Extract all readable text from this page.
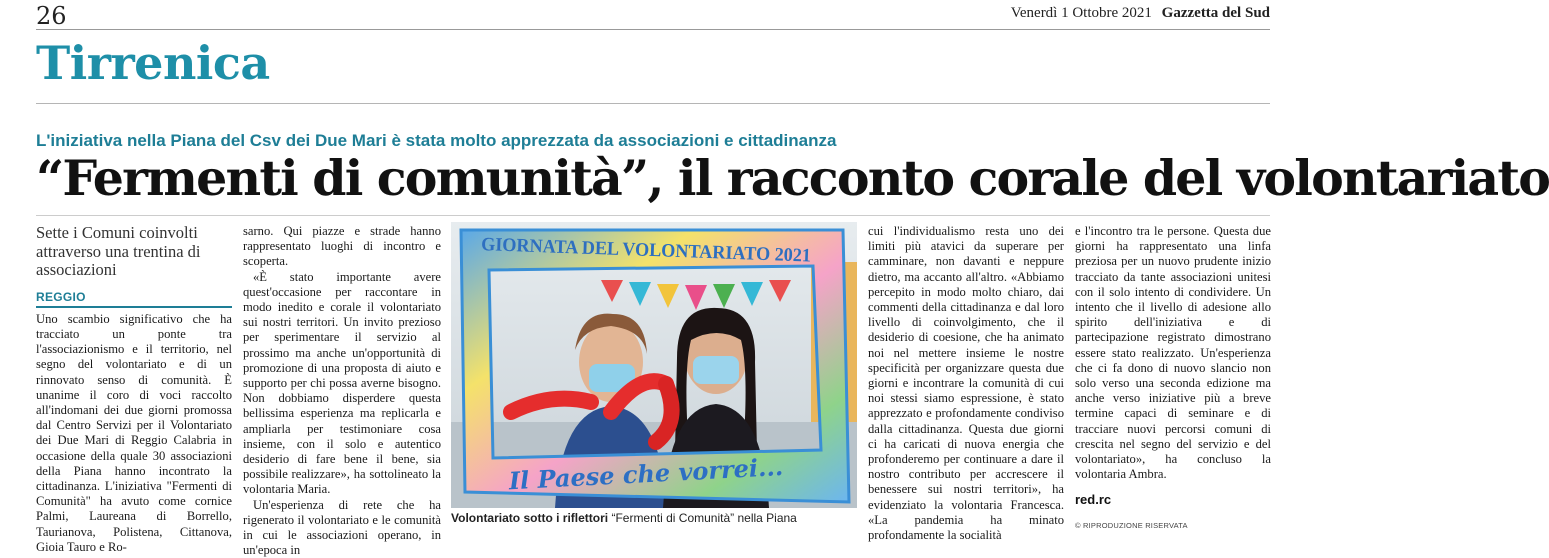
26	Venerdì 1 Ottobre 2021 Gazzetta del Sud
Tirrenica
L'iniziativa nella Piana del Csv dei Due Mari è stata molto apprezzata da associazioni e cittadinanza
“Fermenti di comunità”, il racconto corale del volontariato
Sette i Comuni coinvolti attraverso una trentina di associazioni
REGGIO

Uno scambio significativo che ha tracciato un ponte tra l'associazionismo e il territorio, nel segno del volontariato e di un rinnovato senso di comunità. È unanime il coro di voci raccolto all'indomani dei due giorni promossa dal Centro Servizi per il Volontariato dei Due Mari di Reggio Calabria in occasione della quale 30 associazioni della Piana hanno incontrato la cittadinanza. L'iniziativa "Fermenti di Comunità" ha avuto come cornice Palmi, Laureana di Borrello, Taurianova, Polistena, Cittanova, Gioia Tauro e Ro-

sarno. Qui piazze e strade hanno rappresentato luoghi di incontro e scoperta.

«È stato importante avere quest'occasione per raccontare in modo inedito e corale il volontariato sui nostri territori. Un invito prezioso per sperimentare il servizio al prossimo ma anche un'opportunità di promozione di una proposta di aiuto e supporto per chi possa averne bisogno. Non dobbiamo disperdere questa bellissima esperienza ma replicarla e ampliarla per testimoniare cosa insieme, con il solo e autentico desiderio di fare bene il bene, sia possibile realizzare», ha sottolineato la volontaria Maria.

Un'esperienza di rete che ha rigenerato il volontariato e le comunità in cui le associazioni operano, in un'epoca in

GIORNATA DEL VOLONTARIATO 2021
Il Paese che vorrei...
Volontariato sotto i riflettori “Fermenti di Comunità” nella Piana

cui l'individualismo resta uno dei limiti più atavici da superare per camminare, non davanti e neppure dietro, ma accanto all'altro. «Abbiamo percepito in modo molto chiaro, dai commenti della cittadinanza e dal loro livello di coinvolgimento, che il desiderio di coesione, che ha animato noi nel mettere insieme le nostre specificità per organizzare questa due giorni e incontrare la comunità di cui noi stessi siamo espressione, è stato apprezzato e profondamente condiviso dalla cittadinanza. Questa due giorni ci ha caricati di nuova energia che profonderemo per continuare a dare il nostro contributo per accrescere il benessere sui nostri territori», ha evidenziato la volontaria Francesca. «La pandemia ha minato profondamente la socialità

e l'incontro tra le persone. Questa due giorni ha rappresentato una linfa preziosa per un nuovo prudente inizio tracciato da tante associazioni unitesi con il solo intento di condividere. Un intento che il livello di adesione allo spirito dell'iniziativa e di partecipazione registrato dimostrano essere stato realizzato. Un'esperienza che ci fa dono di nuovo slancio non solo verso una seconda edizione ma anche verso iniziative più a breve termine capaci di seminare e di tracciare nuovi percorsi comuni di crescita nel segno del servizio e del volontariato», ha concluso la volontaria Ambra.

red.rc
© RIPRODUZIONE RISERVATA
